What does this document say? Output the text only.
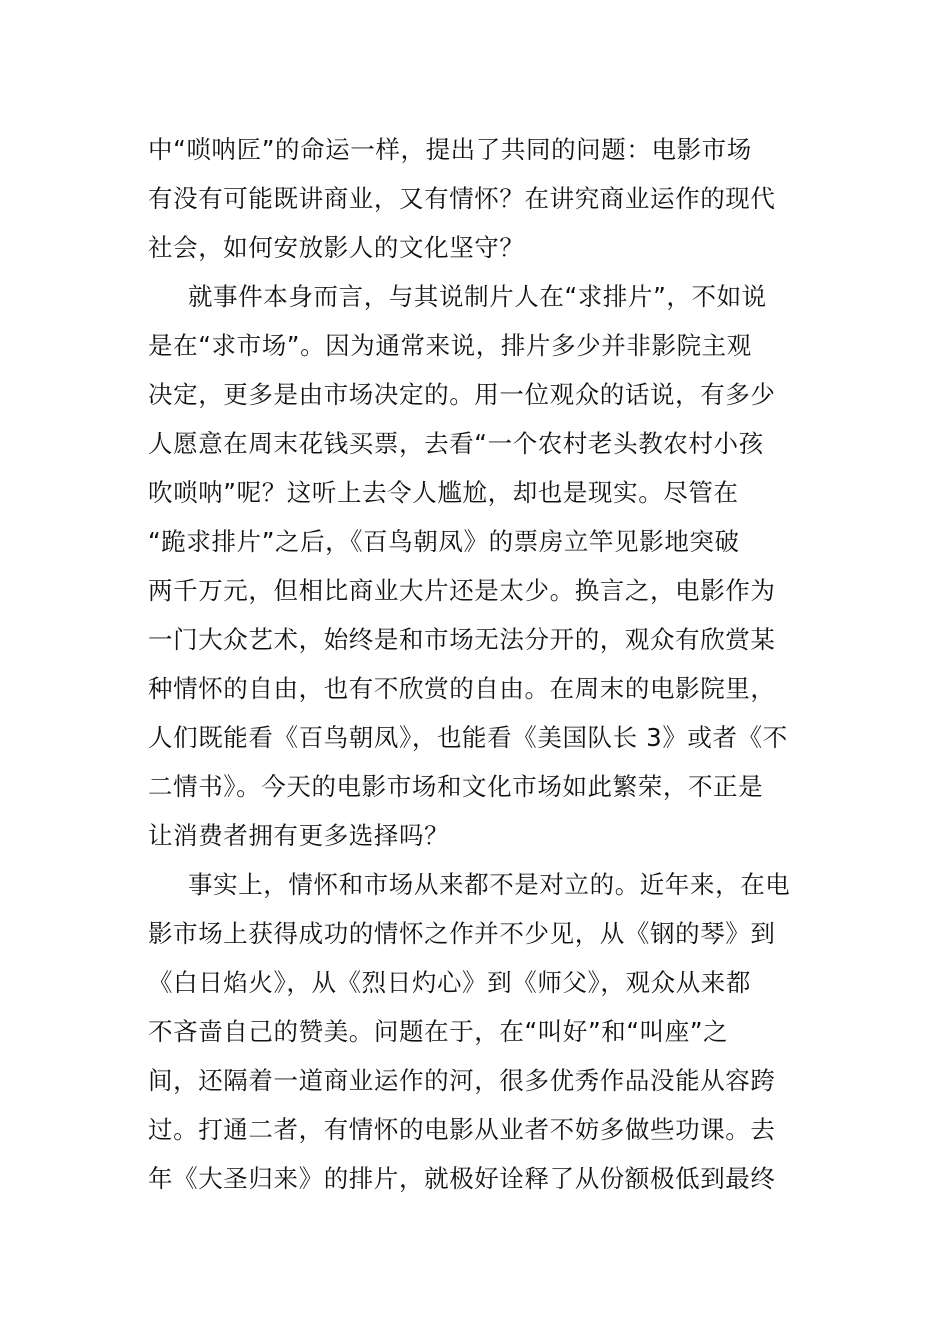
中“唢呐匠”的命运一样，提出了共同的问题：电影市场
有没有可能既讲商业，又有情怀？在讲究商业运作的现代
社会，如何安放影人的文化坚守？
就事件本身而言，与其说制片人在“求排片”，不如说
是在“求市场”。因为通常来说，排片多少并非影院主观
决定，更多是由市场决定的。用一位观众的话说，有多少
人愿意在周末花钱买票，去看“一个农村老头教农村小孩
吹唢呐”呢？这听上去令人尴尬，却也是现实。尽管在
“跪求排片”之后，《百鸟朝凤》的票房立竿见影地突破
两千万元，但相比商业大片还是太少。换言之，电影作为
一门大众艺术，始终是和市场无法分开的，观众有欣赏某
种情怀的自由，也有不欣赏的自由。在周末的电影院里，
人们既能看《百鸟朝凤》，也能看《美国队长 3》或者《不
二情书》。今天的电影市场和文化市场如此繁荣，不正是
让消费者拥有更多选择吗？
事实上，情怀和市场从来都不是对立的。近年来，在电
影市场上获得成功的情怀之作并不少见，从《钢的琴》到
《白日焰火》，从《烈日灼心》到《师父》，观众从来都
不吝啬自己的赞美。问题在于，在“叫好”和“叫座”之
间，还隔着一道商业运作的河，很多优秀作品没能从容跨
过。打通二者，有情怀的电影从业者不妨多做些功课。去
年《大圣归来》的排片，就极好诠释了从份额极低到最终
